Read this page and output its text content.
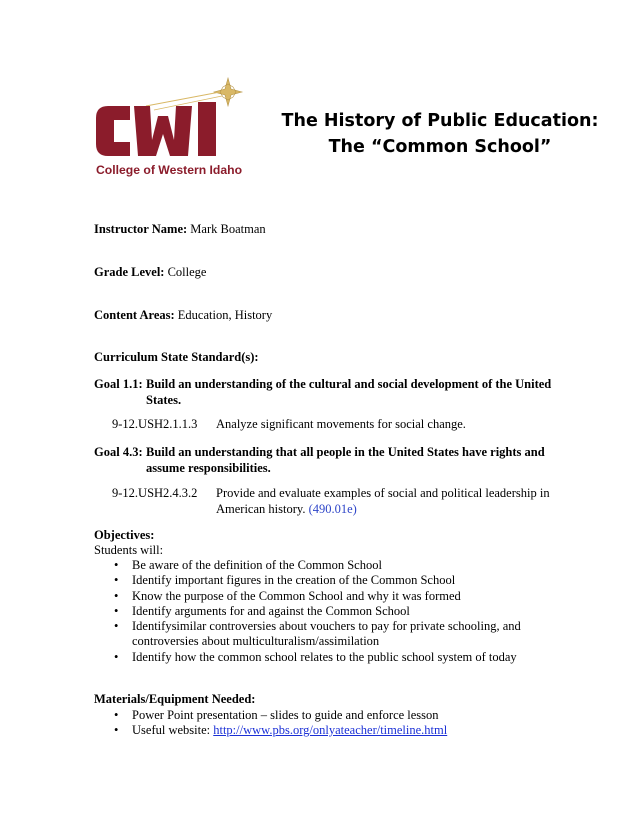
College of Western Idaho
The History of Public Education:
The “Common School”
Instructor Name: Mark Boatman
Grade Level: College
Content Areas: Education, History
Curriculum State Standard(s):
Goal 1.1: Build an understanding of the cultural and social development of the United
States.
9-12.USH2.1.1.3 Analyze significant movements for social change.
Goal 4.3: Build an understanding that all people in the United States have rights and
assume responsibilities.
9-12.USH2.4.3.2 Provide and evaluate examples of social and political leadership in American history. (490.01e)
Objectives:
Students will:
• Be aware of the definition of the Common School
• Identify important figures in the creation of the Common School
• Know the purpose of the Common School and why it was formed
• Identify arguments for and against the Common School
• Identifysimilar controversies about vouchers to pay for private schooling, and controversies about multiculturalism/assimilation
• Identify how the common school relates to the public school system of today
Materials/Equipment Needed:
• Power Point presentation – slides to guide and enforce lesson
• Useful website: http://www.pbs.org/onlyateacher/timeline.html
